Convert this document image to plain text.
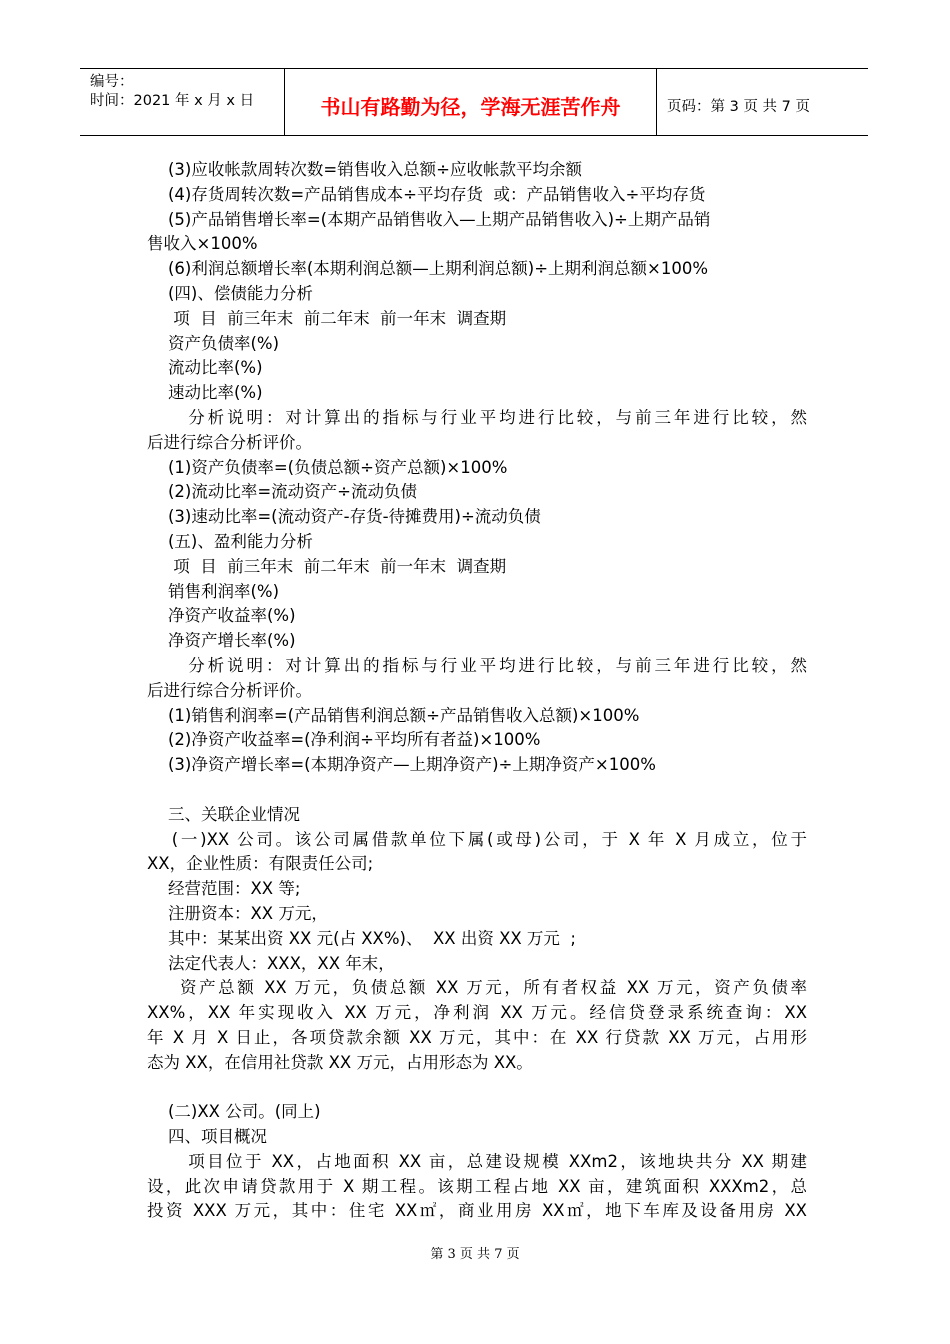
编号：
时间：2021 年 x 月 x 日	书山有路勤为径，学海无涯苦作舟	页码：第 3 页 共 7 页
(3)应收帐款周转次数=销售收入总额÷应收帐款平均余额
(4)存货周转次数=产品销售成本÷平均存货  或：产品销售收入÷平均存货
(5)产品销售增长率=(本期产品销售收入—上期产品销售收入)÷上期产品销
售收入×100%
(6)利润总额增长率(本期利润总额—上期利润总额)÷上期利润总额×100%
(四)、偿债能力分析
项  目  前三年末  前二年末  前一年末  调查期
资产负债率(%)
流动比率(%)
速动比率(%)
分析说明：对计算出的指标与行业平均进行比较，与前三年进行比较，然
后进行综合分析评价。
(1)资产负债率=(负债总额÷资产总额)×100%
(2)流动比率=流动资产÷流动负债
(3)速动比率=(流动资产-存货-待摊费用)÷流动负债
(五)、盈利能力分析
项  目  前三年末  前二年末  前一年末  调查期
销售利润率(%)
净资产收益率(%)
净资产增长率(%)
分析说明：对计算出的指标与行业平均进行比较，与前三年进行比较，然
后进行综合分析评价。
(1)销售利润率=(产品销售利润总额÷产品销售收入总额)×100%
(2)净资产收益率=(净利润÷平均所有者益)×100%
(3)净资产增长率=(本期净资产—上期净资产)÷上期净资产×100%
三、关联企业情况
(一)XX 公司。该公司属借款单位下属(或母)公司，于 X 年 X 月成立，位于
XX，企业性质：有限责任公司;
经营范围：XX 等;
注册资本：XX 万元，
其中：某某出资 XX 元(占 XX%)、  XX 出资 XX 万元  ;
法定代表人：XXX，XX 年末，
资产总额 XX 万元，负债总额 XX 万元，所有者权益 XX 万元，资产负债率
XX%，XX 年实现收入 XX 万元，净利润 XX 万元。经信贷登录系统查询：XX
年 X 月 X 日止，各项贷款余额 XX 万元，其中：在 XX 行贷款 XX 万元，占用形
态为 XX，在信用社贷款 XX 万元，占用形态为 XX。
(二)XX 公司。(同上)
四、项目概况
项目位于 XX，占地面积 XX 亩，总建设规模 XXm2，该地块共分 XX 期建
设，此次申请贷款用于 X 期工程。该期工程占地 XX 亩，建筑面积 XXXm2，总
投资 XXX 万元，其中：住宅 XX㎡，商业用房 XX㎡，地下车库及设备用房 XX
第 3 页 共 7 页
